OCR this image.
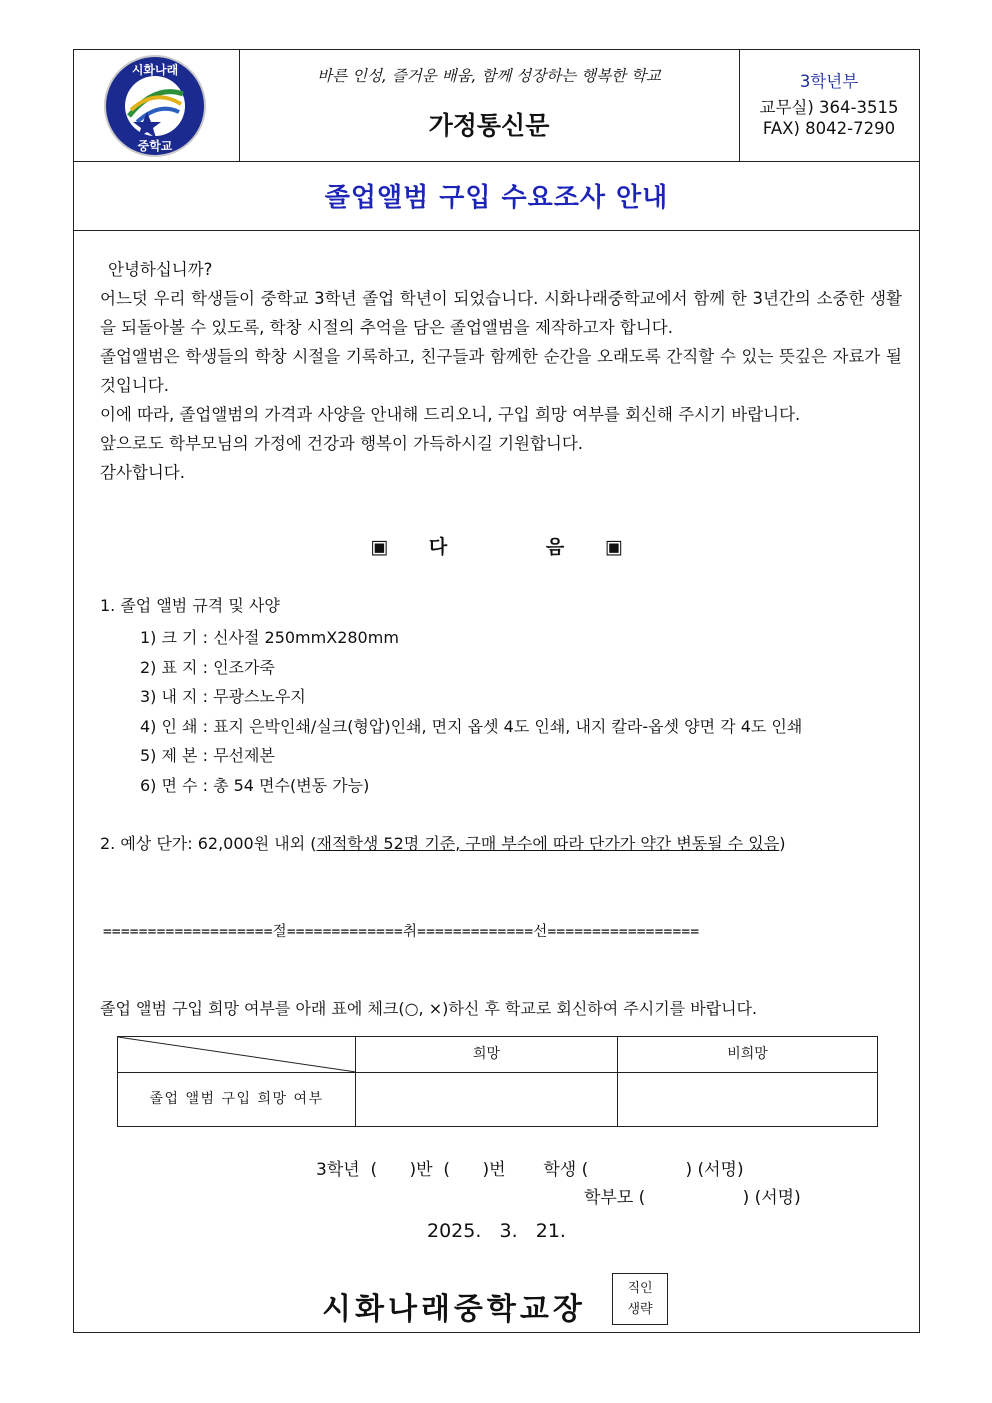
시화나래
중학교
바른 인성, 즐거운 배움, 함께 성장하는 행복한 학교
가정통신문
3학년부
교무실) 364-3515
FAX) 8042-7290
졸업앨범 구입 수요조사 안내

안녕하십니까?

어느덧 우리 학생들이 중학교 3학년 졸업 학년이 되었습니다. 시화나래중학교에서 함께 한 3년간의 소중한 생활을 되돌아볼 수 있도록, 학창 시절의 추억을 담은 졸업앨범을 제작하고자 합니다.

졸업앨범은 학생들의 학창 시절을 기록하고, 친구들과 함께한 순간을 오래도록 간직할 수 있는 뜻깊은 자료가 될 것입니다.

이에 따라, 졸업앨범의 가격과 사양을 안내해 드리오니, 구입 희망 여부를 회신해 주시기 바랍니다.

앞으로도 학부모님의 가정에 건강과 행복이 가득하시길 기원합니다.

감사합니다.

▣ 다	음 ▣
1. 졸업 앨범 규격 및 사양
1) 크 기 : 신사절 250mmX280mm
2) 표 지 : 인조가죽
3) 내 지 : 무광스노우지
4) 인 쇄 : 표지 은박인쇄/실크(형압)인쇄, 면지 옵셋 4도 인쇄, 내지 칼라-옵셋 양면 각 4도 인쇄
5) 제 본 : 무선제본
6) 면 수 : 총 54 면수(변동 가능)
2. 예상 단가: 62,000원 내외 (재적학생 52명 기준, 구매 부수에 따라 단가가 약간 변동될 수 있음)
===================절=============취=============선=================
졸업 앨범 구입 희망 여부를 아래 표에 체크(○, ×)하신 후 학교로 회신하여 주시기를 바랍니다.
희망	비희망
졸업 앨범 구입 희망 여부
3학년  (      )반  (      )번       학생 (                  ) (서명)
학부모 (                  ) (서명)
2025.   3.   21.
시화나래중학교장
직인
생략
